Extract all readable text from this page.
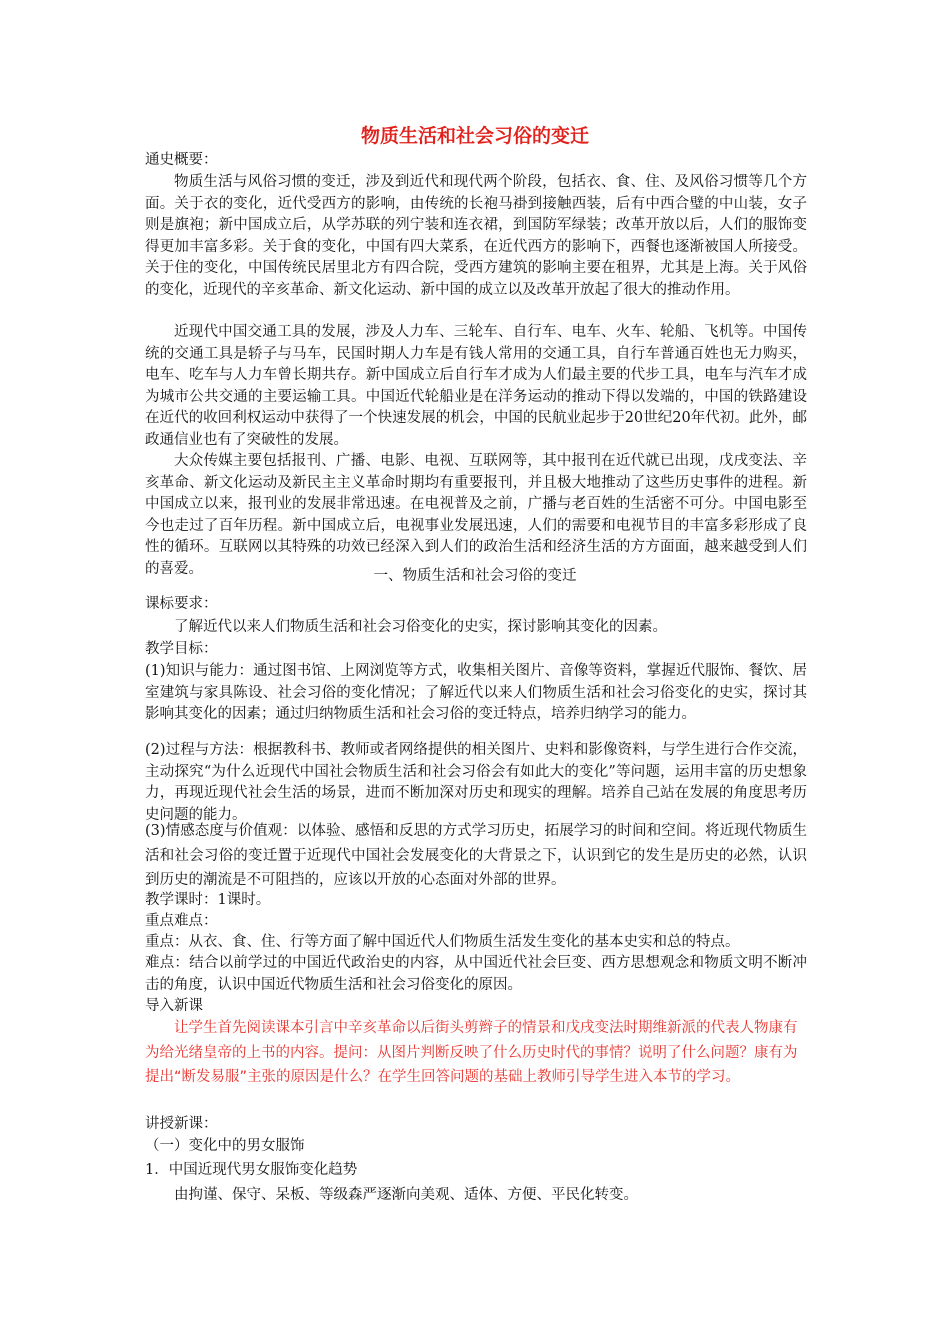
物质生活和社会习俗的变迁
通史概要：
物质生活与风俗习惯的变迁，涉及到近代和现代两个阶段，包括衣、食、住、及风俗习惯等几个方面。关于衣的变化，近代受西方的影响，由传统的长袍马褂到接触西装，后有中西合璧的中山装，女子则是旗袍；新中国成立后，从学苏联的列宁装和连衣裙，到国防军绿装；改革开放以后，人们的服饰变得更加丰富多彩。关于食的变化，中国有四大菜系，在近代西方的影响下，西餐也逐渐被国人所接受。关于住的变化，中国传统民居里北方有四合院，受西方建筑的影响主要在租界，尤其是上海。关于风俗的变化，近现代的辛亥革命、新文化运动、新中国的成立以及改革开放起了很大的推动作用。
近现代中国交通工具的发展，涉及人力车、三轮车、自行车、电车、火车、轮船、飞机等。中国传统的交通工具是轿子与马车，民国时期人力车是有钱人常用的交通工具，自行车普通百姓也无力购买，电车、吃车与人力车曾长期共存。新中国成立后自行车才成为人们最主要的代步工具，电车与汽车才成为城市公共交通的主要运输工具。中国近代轮船业是在洋务运动的推动下得以发端的，中国的铁路建设在近代的收回利权运动中获得了一个快速发展的机会，中国的民航业起步于20世纪20年代初。此外，邮政通信业也有了突破性的发展。
大众传媒主要包括报刊、广播、电影、电视、互联网等，其中报刊在近代就已出现，戊戌变法、辛亥革命、新文化运动及新民主主义革命时期均有重要报刊，并且极大地推动了这些历史事件的进程。新中国成立以来，报刊业的发展非常迅速。在电视普及之前，广播与老百姓的生活密不可分。中国电影至今也走过了百年历程。新中国成立后，电视事业发展迅速，人们的需要和电视节目的丰富多彩形成了良性的循环。互联网以其特殊的功效已经深入到人们的政治生活和经济生活的方方面面，越来越受到人们的喜爱。	一、物质生活和社会习俗的变迁
课标要求：
了解近代以来人们物质生活和社会习俗变化的史实，探讨影响其变化的因素。
教学目标：
(1)知识与能力：通过图书馆、上网浏览等方式，收集相关图片、音像等资料，掌握近代服饰、餐饮、居室建筑与家具陈设、社会习俗的变化情况；了解近代以来人们物质生活和社会习俗变化的史实，探讨其影响其变化的因素；通过归纳物质生活和社会习俗的变迁特点，培养归纳学习的能力。
(2)过程与方法：根据教科书、教师或者网络提供的相关图片、史料和影像资料，与学生进行合作交流，主动探究“为什么近现代中国社会物质生活和社会习俗会有如此大的变化”等问题，运用丰富的历史想象力，再现近现代社会生活的场景，进而不断加深对历史和现实的理解。培养自己站在发展的角度思考历史问题的能力。
(3)情感态度与价值观：以体验、感悟和反思的方式学习历史，拓展学习的时间和空间。将近现代物质生活和社会习俗的变迁置于近现代中国社会发展变化的大背景之下，认识到它的发生是历史的必然，认识到历史的潮流是不可阻挡的，应该以开放的心态面对外部的世界。
教学课时：1课时。
重点难点：
重点：从衣、食、住、行等方面了解中国近代人们物质生活发生变化的基本史实和总的特点。
难点：结合以前学过的中国近代政治史的内容，从中国近代社会巨变、西方思想观念和物质文明不断冲击的角度，认识中国近代物质生活和社会习俗变化的原因。
导入新课
让学生首先阅读课本引言中辛亥革命以后街头剪辫子的情景和戊戌变法时期维新派的代表人物康有为给光绪皇帝的上书的内容。提问：从图片判断反映了什么历史时代的事情？说明了什么问题？康有为提出“断发易服”主张的原因是什么？在学生回答问题的基础上教师引导学生进入本节的学习。
讲授新课：
（一）变化中的男女服饰
1．中国近现代男女服饰变化趋势
由拘谨、保守、呆板、等级森严逐渐向美观、适体、方便、平民化转变。
